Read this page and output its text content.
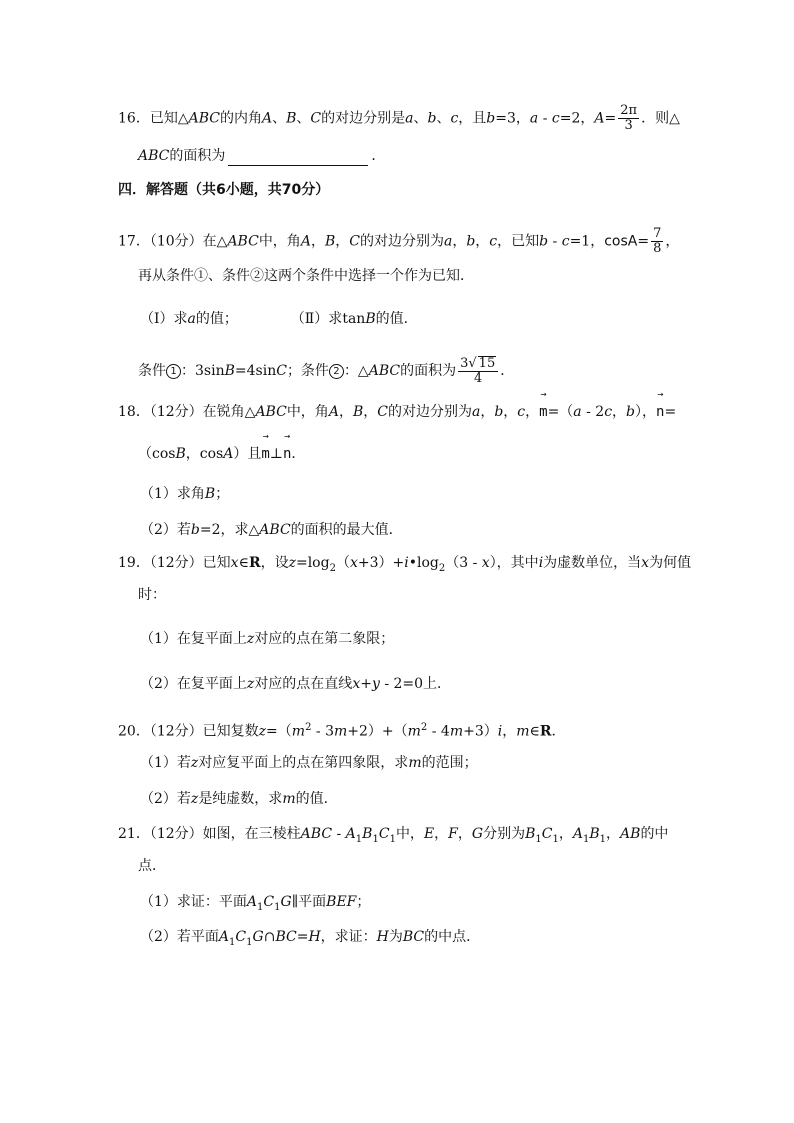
16．已知△ABC的内角A、B、C的对边分别是a、b、c，且b=3，a - c=2，$A= \frac{2\pi}{3}$ ．则△
ABC的面积为	．
四．解答题（共6小题，共70分）
17．（10分）在△ABC中，角A，B，C的对边分别为a，b，c，已知b - c=1，$\cos A= \frac{7}{8}$ ，
再从条件①、条件②这两个条件中选择一个作为已知．
（Ⅰ）求a的值；	（Ⅱ）求tanB的值．
条件 1 ：3sinB=4sinC；条件 2 ：△ABC的面积为 $\frac{3√ 15}{4}$ ．
18．（12分）在锐角△ABC中，角A，B，C的对边分别为a，b，c，
→
m=（a - 2c，b），
→
n=
（cosB，cosA）且
→
m⊥
→
n．
（1）求角B；
（2）若b=2，求△ABC的面积的最大值．
19．（12分）已知x∈R，设$z=\log_2(x+3)+i•\log_2(3 - x)$，其中i为虚数单位，当x为何值
时：
（1）在复平面上z对应的点在第二象限；
（2）在复平面上z对应的点在直线x+y - 2=0上．
20．（12分）已知复数$z=(m^2 - 3m+2)+(m^2 - 4m+3)i$，m∈R．
（1）若z对应复平面上的点在第四象限，求m的范围；
（2）若z是纯虚数，求m的值．
21．（12分）如图，在三棱柱ABC - $A_1B_1C_1$中，E，F，G分别为$B_1C_1$，$A_1B_1$，AB的中
点．
（1）求证：平面$A_1C_1G\parallel$平面BEF；
（2）若平面$A_1C_1G\cap BC=H$，求证：H为BC的中点．
